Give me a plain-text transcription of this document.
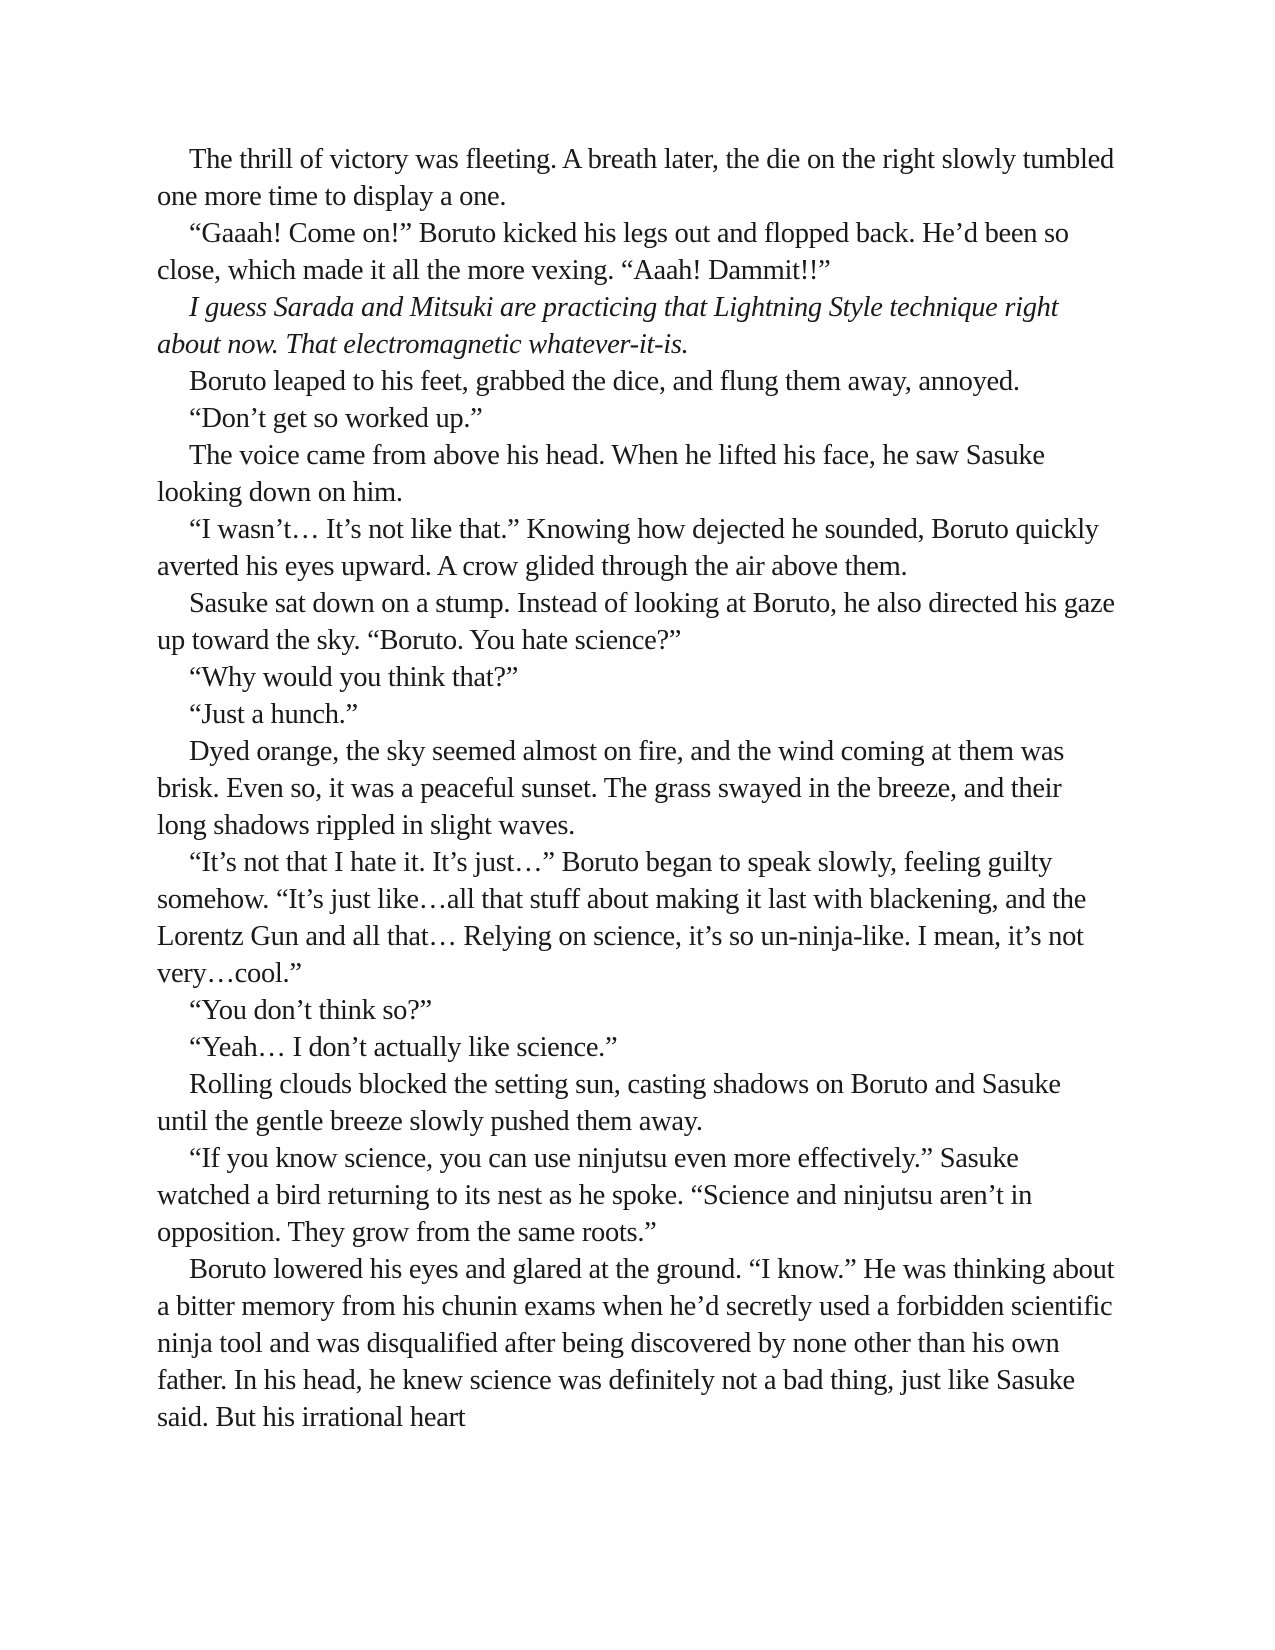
The thrill of victory was fleeting. A breath later, the die on the right slowly tumbled one more time to display a one.

“Gaaah! Come on!” Boruto kicked his legs out and flopped back. He’d been so close, which made it all the more vexing. “Aaah! Dammit!!”

I guess Sarada and Mitsuki are practicing that Lightning Style technique right about now. That electromagnetic whatever-it-is.

Boruto leaped to his feet, grabbed the dice, and flung them away, annoyed.

“Don’t get so worked up.”

The voice came from above his head. When he lifted his face, he saw Sasuke looking down on him.

“I wasn’t… It’s not like that.” Knowing how dejected he sounded, Boruto quickly averted his eyes upward. A crow glided through the air above them.

Sasuke sat down on a stump. Instead of looking at Boruto, he also directed his gaze up toward the sky. “Boruto. You hate science?”

“Why would you think that?”

“Just a hunch.”

Dyed orange, the sky seemed almost on fire, and the wind coming at them was brisk. Even so, it was a peaceful sunset. The grass swayed in the breeze, and their long shadows rippled in slight waves.

“It’s not that I hate it. It’s just…” Boruto began to speak slowly, feeling guilty somehow. “It’s just like…all that stuff about making it last with blackening, and the Lorentz Gun and all that… Relying on science, it’s so un-ninja-like. I mean, it’s not very…cool.”

“You don’t think so?”

“Yeah… I don’t actually like science.”

Rolling clouds blocked the setting sun, casting shadows on Boruto and Sasuke until the gentle breeze slowly pushed them away.

“If you know science, you can use ninjutsu even more effectively.” Sasuke watched a bird returning to its nest as he spoke. “Science and ninjutsu aren’t in opposition. They grow from the same roots.”

Boruto lowered his eyes and glared at the ground. “I know.” He was thinking about a bitter memory from his chunin exams when he’d secretly used a forbidden scientific ninja tool and was disqualified after being discovered by none other than his own father. In his head, he knew science was definitely not a bad thing, just like Sasuke said. But his irrational heart
